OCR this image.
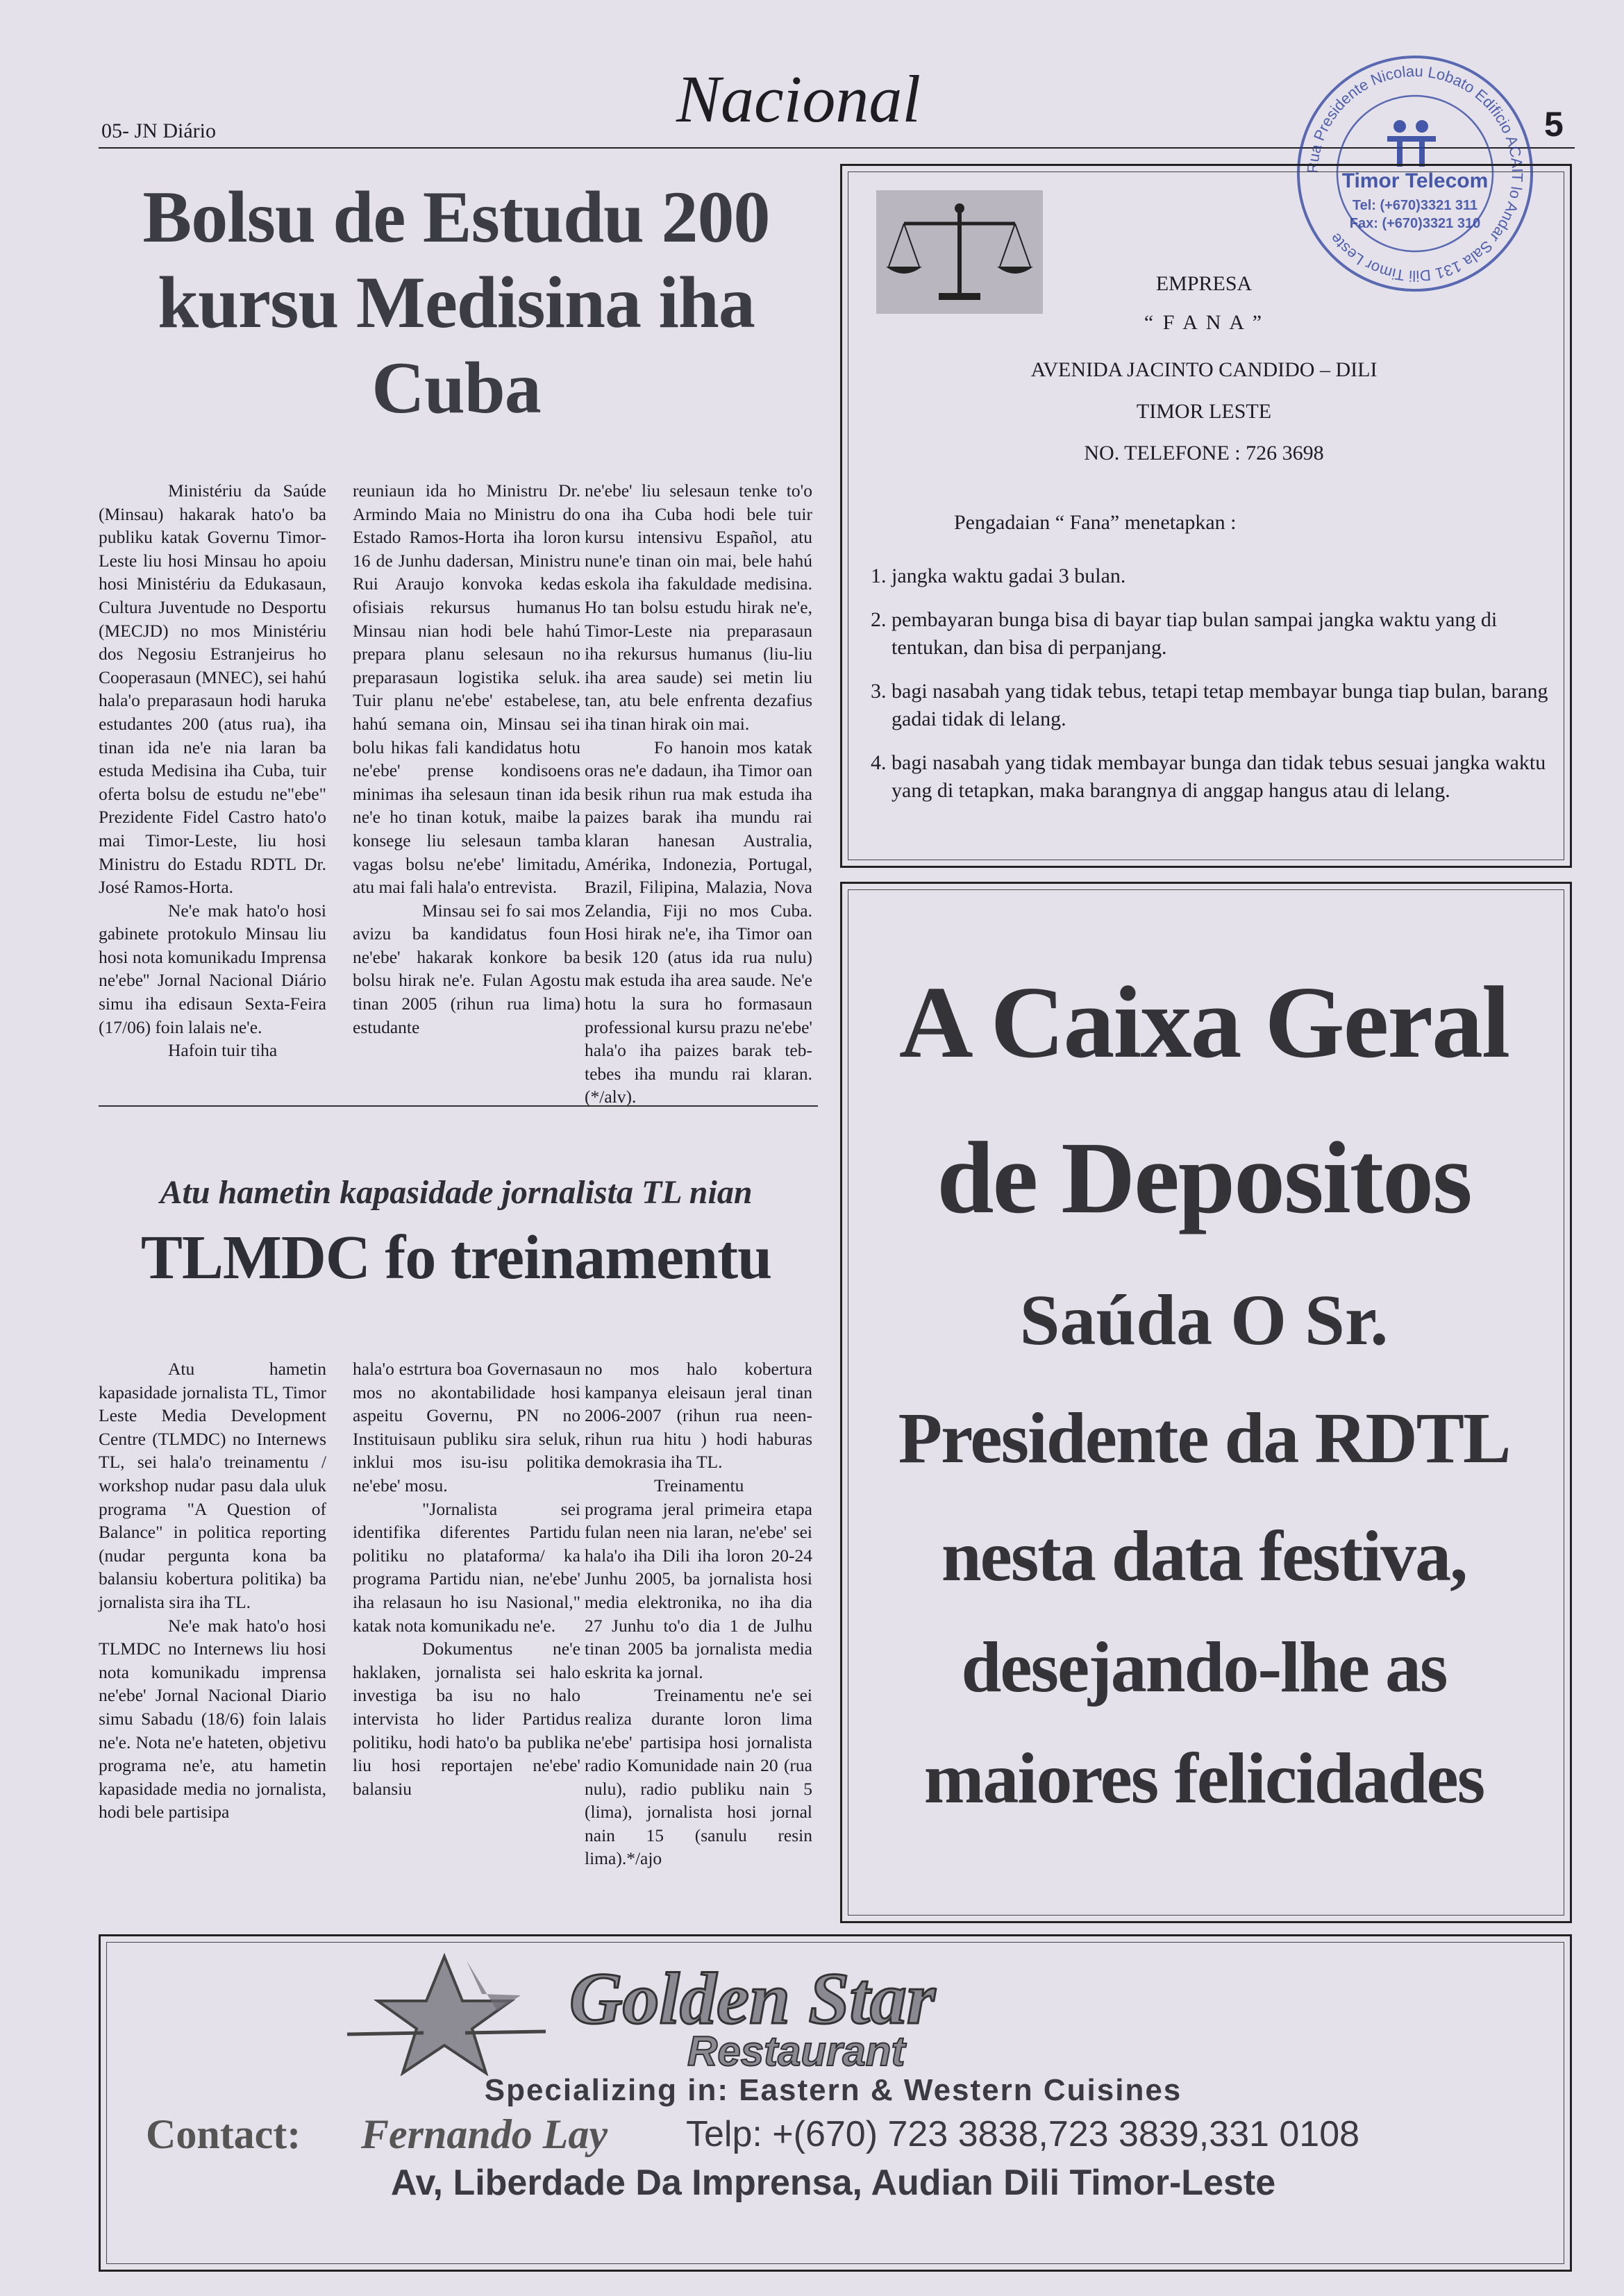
05- JN Diário	Nacional	5
Rua Presidente Nicolau Lobato Edificio ACAIT lo Andar Sala 131 Dili Timor Leste
Timor Telecom
Tel: (+670)3321 311
Fax: (+670)3321 310
Bolsu de Estudu 200
kursu Medisina iha
Cuba

Ministériu da Saúde (Minsau) hakarak hato'o ba publiku katak Governu Timor-Leste liu hosi Minsau ho apoiu hosi Ministériu da Edukasaun, Cultura Juventude no Desportu (MECJD) no mos Ministériu dos Negosiu Estranjeirus ho Cooperasaun (MNEC), sei hahú hala'o preparasaun hodi haruka estudantes 200 (atus rua), iha tinan ida ne'e nia laran ba estuda Medisina iha Cuba, tuir oferta bolsu de estudu ne"ebe" Prezidente Fidel Castro hato'o mai Timor-Leste, liu hosi Ministru do Estadu RDTL Dr. José Ramos-Horta.

Ne'e mak hato'o hosi gabinete protokulo Minsau liu hosi nota komunikadu Imprensa ne'ebe'' Jornal Nacional Diário simu iha edisaun Sexta-Feira (17/06) foin lalais ne'e.

Hafoin tuir tiha

reuniaun ida ho Ministru Dr. Armindo Maia no Ministru do Estado Ramos-Horta iha loron 16 de Junhu dadersan, Ministru Rui Araujo konvoka kedas ofisiais rekursus humanus Minsau nian hodi bele hahú prepara planu selesaun no preparasaun logistika seluk. Tuir planu ne'ebe' estabelese, hahú semana oin, Minsau sei bolu hikas fali kandidatus hotu ne'ebe' prense kondisoens minimas iha selesaun tinan ida ne'e ho tinan kotuk, maibe la konsege liu selesaun tamba vagas bolsu ne'ebe' limitadu, atu mai fali hala'o entrevista.

Minsau sei fo sai mos avizu ba kandidatus foun ne'ebe' hakarak konkore ba bolsu hirak ne'e. Fulan Agostu tinan 2005 (rihun rua lima) estudante

ne'ebe' liu selesaun tenke to'o ona iha Cuba hodi bele tuir kursu intensivu Español, atu nune'e tinan oin mai, bele hahú eskola iha fakuldade medisina. Ho tan bolsu estudu hirak ne'e, Timor-Leste nia preparasaun iha rekursus humanus (liu-liu iha area saude) sei metin liu tan, atu bele enfrenta dezafius iha tinan hirak oin mai.

Fo hanoin mos katak oras ne'e dadaun, iha Timor oan besik rihun rua mak estuda iha paizes barak iha mundu rai klaran hanesan Australia, Amérika, Indonezia, Portugal, Brazil, Filipina, Malazia, Nova Zelandia, Fiji no mos Cuba. Hosi hirak ne'e, iha Timor oan besik 120 (atus ida rua nulu) mak estuda iha area saude. Ne'e hotu la sura ho formasaun professional kursu prazu ne'ebe' hala'o iha paizes barak teb-tebes iha mundu rai klaran.(*/alv).

Atu hametin kapasidade jornalista TL nian
TLMDC fo treinamentu

Atu hametin kapasidade jornalista TL, Timor Leste Media Development Centre (TLMDC) no Internews TL, sei hala'o treinamentu / workshop nudar pasu dala uluk programa "A Question of Balance" in politica reporting (nudar pergunta kona ba balansiu kobertura politika) ba jornalista sira iha TL.

Ne'e mak hato'o hosi TLMDC no Internews liu hosi nota komunikadu imprensa ne'ebe' Jornal Nacional Diario simu Sabadu (18/6) foin lalais ne'e. Nota ne'e hateten, objetivu programa ne'e, atu hametin kapasidade media no jornalista, hodi bele partisipa

hala'o estrtura boa Governasaun mos no akontabilidade hosi aspeitu Governu, PN no Instituisaun publiku sira seluk, inklui mos isu-isu politika ne'ebe' mosu.

"Jornalista sei identifika diferentes Partidu politiku no plataforma/ ka programa Partidu nian, ne'ebe' iha relasaun ho isu Nasional," katak nota komunikadu ne'e.

Dokumentus ne'e haklaken, jornalista sei halo investiga ba isu no halo intervista ho lider Partidus politiku, hodi hato'o ba publika liu hosi reportajen ne'ebe' balansiu

no mos halo kobertura kampanya eleisaun jeral tinan 2006-2007 (rihun rua neen-rihun rua hitu ) hodi haburas demokrasia iha TL.

Treinamentu programa jeral primeira etapa fulan neen nia laran, ne'ebe' sei hala'o iha Dili iha loron 20-24 Junhu 2005, ba jornalista hosi media elektronika, no iha dia 27 Junhu to'o dia 1 de Julhu tinan 2005 ba jornalista media eskrita ka jornal.

Treinamentu ne'e sei realiza durante loron lima ne'ebe' partisipa hosi jornalista radio Komunidade nain 20 (rua nulu), radio publiku nain 5 (lima), jornalista hosi jornal nain 15 (sanulu resin lima).*/ajo

EMPRESA
“ F A N A ”
AVENIDA JACINTO CANDIDO – DILI
TIMOR LESTE
NO. TELEFONE : 726 3698
Pengadaian “ Fana” menetapkan :
1. jangka waktu gadai 3 bulan.
2. pembayaran bunga bisa di bayar tiap bulan sampai jangka waktu yang di tentukan, dan bisa di perpanjang.
3. bagi nasabah yang tidak tebus, tetapi tetap membayar bunga tiap bulan, barang gadai tidak di lelang.
4. bagi nasabah yang tidak membayar bunga dan tidak tebus sesuai jangka waktu yang di tetapkan, maka barangnya di anggap hangus atau di lelang.
A Caixa Geral
de Depositos
Saúda O Sr.
Presidente da RDTL
nesta data festiva,
desejando-lhe as
maiores felicidades
Golden Star
Restaurant
Specializing in: Eastern & Western Cuisines
Contact: Fernando Lay Telp: +(670) 723 3838,723 3839,331 0108
Av, Liberdade Da Imprensa, Audian Dili Timor-Leste
